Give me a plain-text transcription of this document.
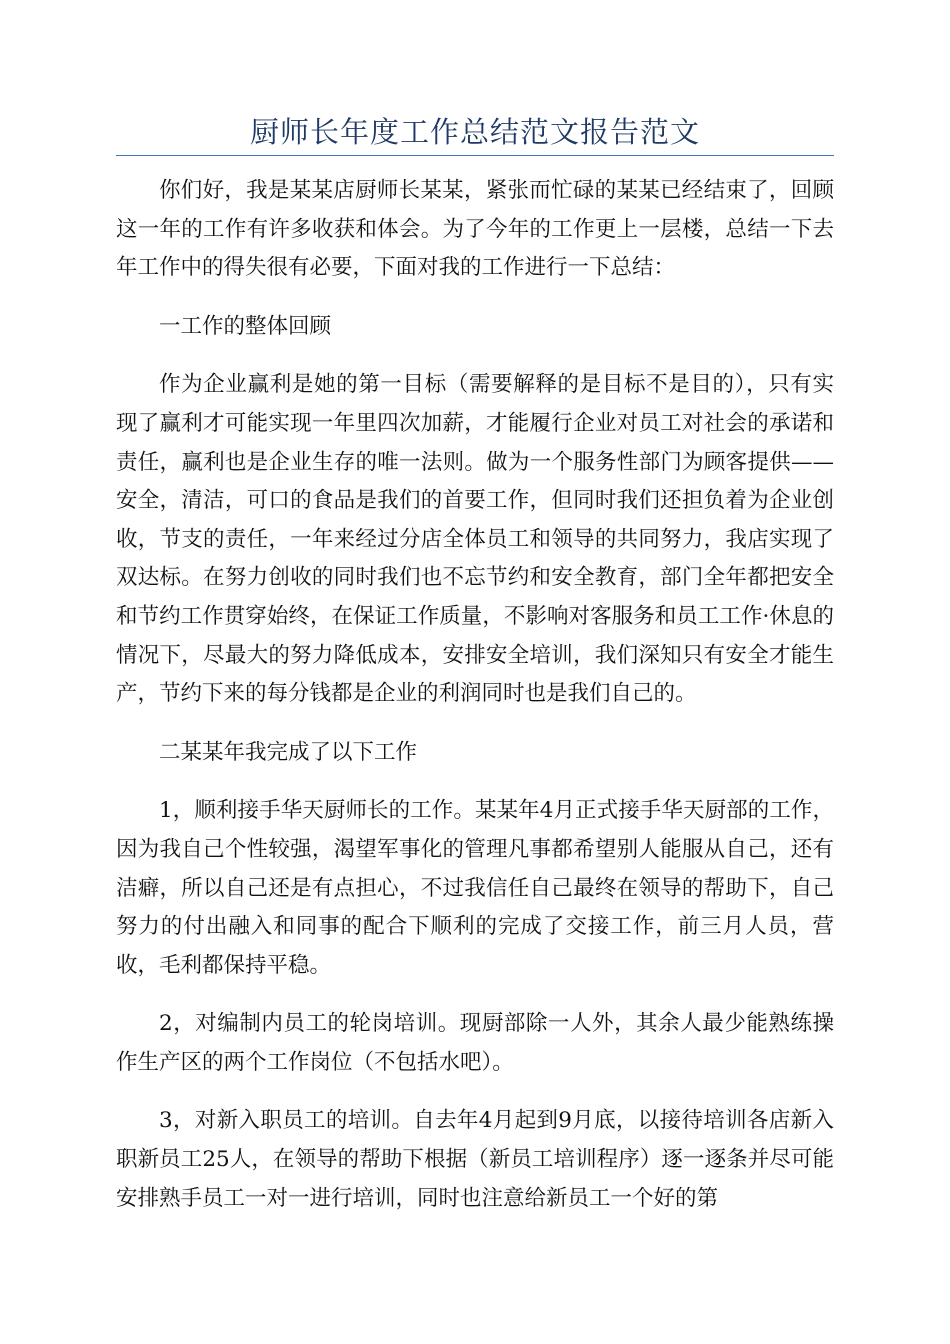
厨师长年度工作总结范文报告范文

你们好，我是某某店厨师长某某，紧张而忙碌的某某已经结束了，回顾这一年的工作有许多收获和体会。为了今年的工作更上一层楼，总结一下去年工作中的得失很有必要，下面对我的工作进行一下总结：

一工作的整体回顾

作为企业赢利是她的第一目标（需要解释的是目标不是目的），只有实现了赢利才可能实现一年里四次加薪，才能履行企业对员工对社会的承诺和责任，赢利也是企业生存的唯一法则。做为一个服务性部门为顾客提供——安全，清洁，可口的食品是我们的首要工作，但同时我们还担负着为企业创收，节支的责任，一年来经过分店全体员工和领导的共同努力，我店实现了双达标。在努力创收的同时我们也不忘节约和安全教育，部门全年都把安全和节约工作贯穿始终，在保证工作质量，不影响对客服务和员工工作·休息的情况下，尽最大的努力降低成本，安排安全培训，我们深知只有安全才能生产，节约下来的每分钱都是企业的利润同时也是我们自己的。

二某某年我完成了以下工作

1，顺利接手华天厨师长的工作。某某年4月正式接手华天厨部的工作，因为我自己个性较强，渴望军事化的管理凡事都希望别人能服从自己，还有洁癖，所以自己还是有点担心，不过我信任自己最终在领导的帮助下，自己努力的付出融入和同事的配合下顺利的完成了交接工作，前三月人员，营收，毛利都保持平稳。

2，对编制内员工的轮岗培训。现厨部除一人外，其余人最少能熟练操作生产区的两个工作岗位（不包括水吧）。

3，对新入职员工的培训。自去年4月起到9月底，以接待培训各店新入职新员工25人，在领导的帮助下根据（新员工培训程序）逐一逐条并尽可能安排熟手员工一对一进行培训，同时也注意给新员工一个好的第
